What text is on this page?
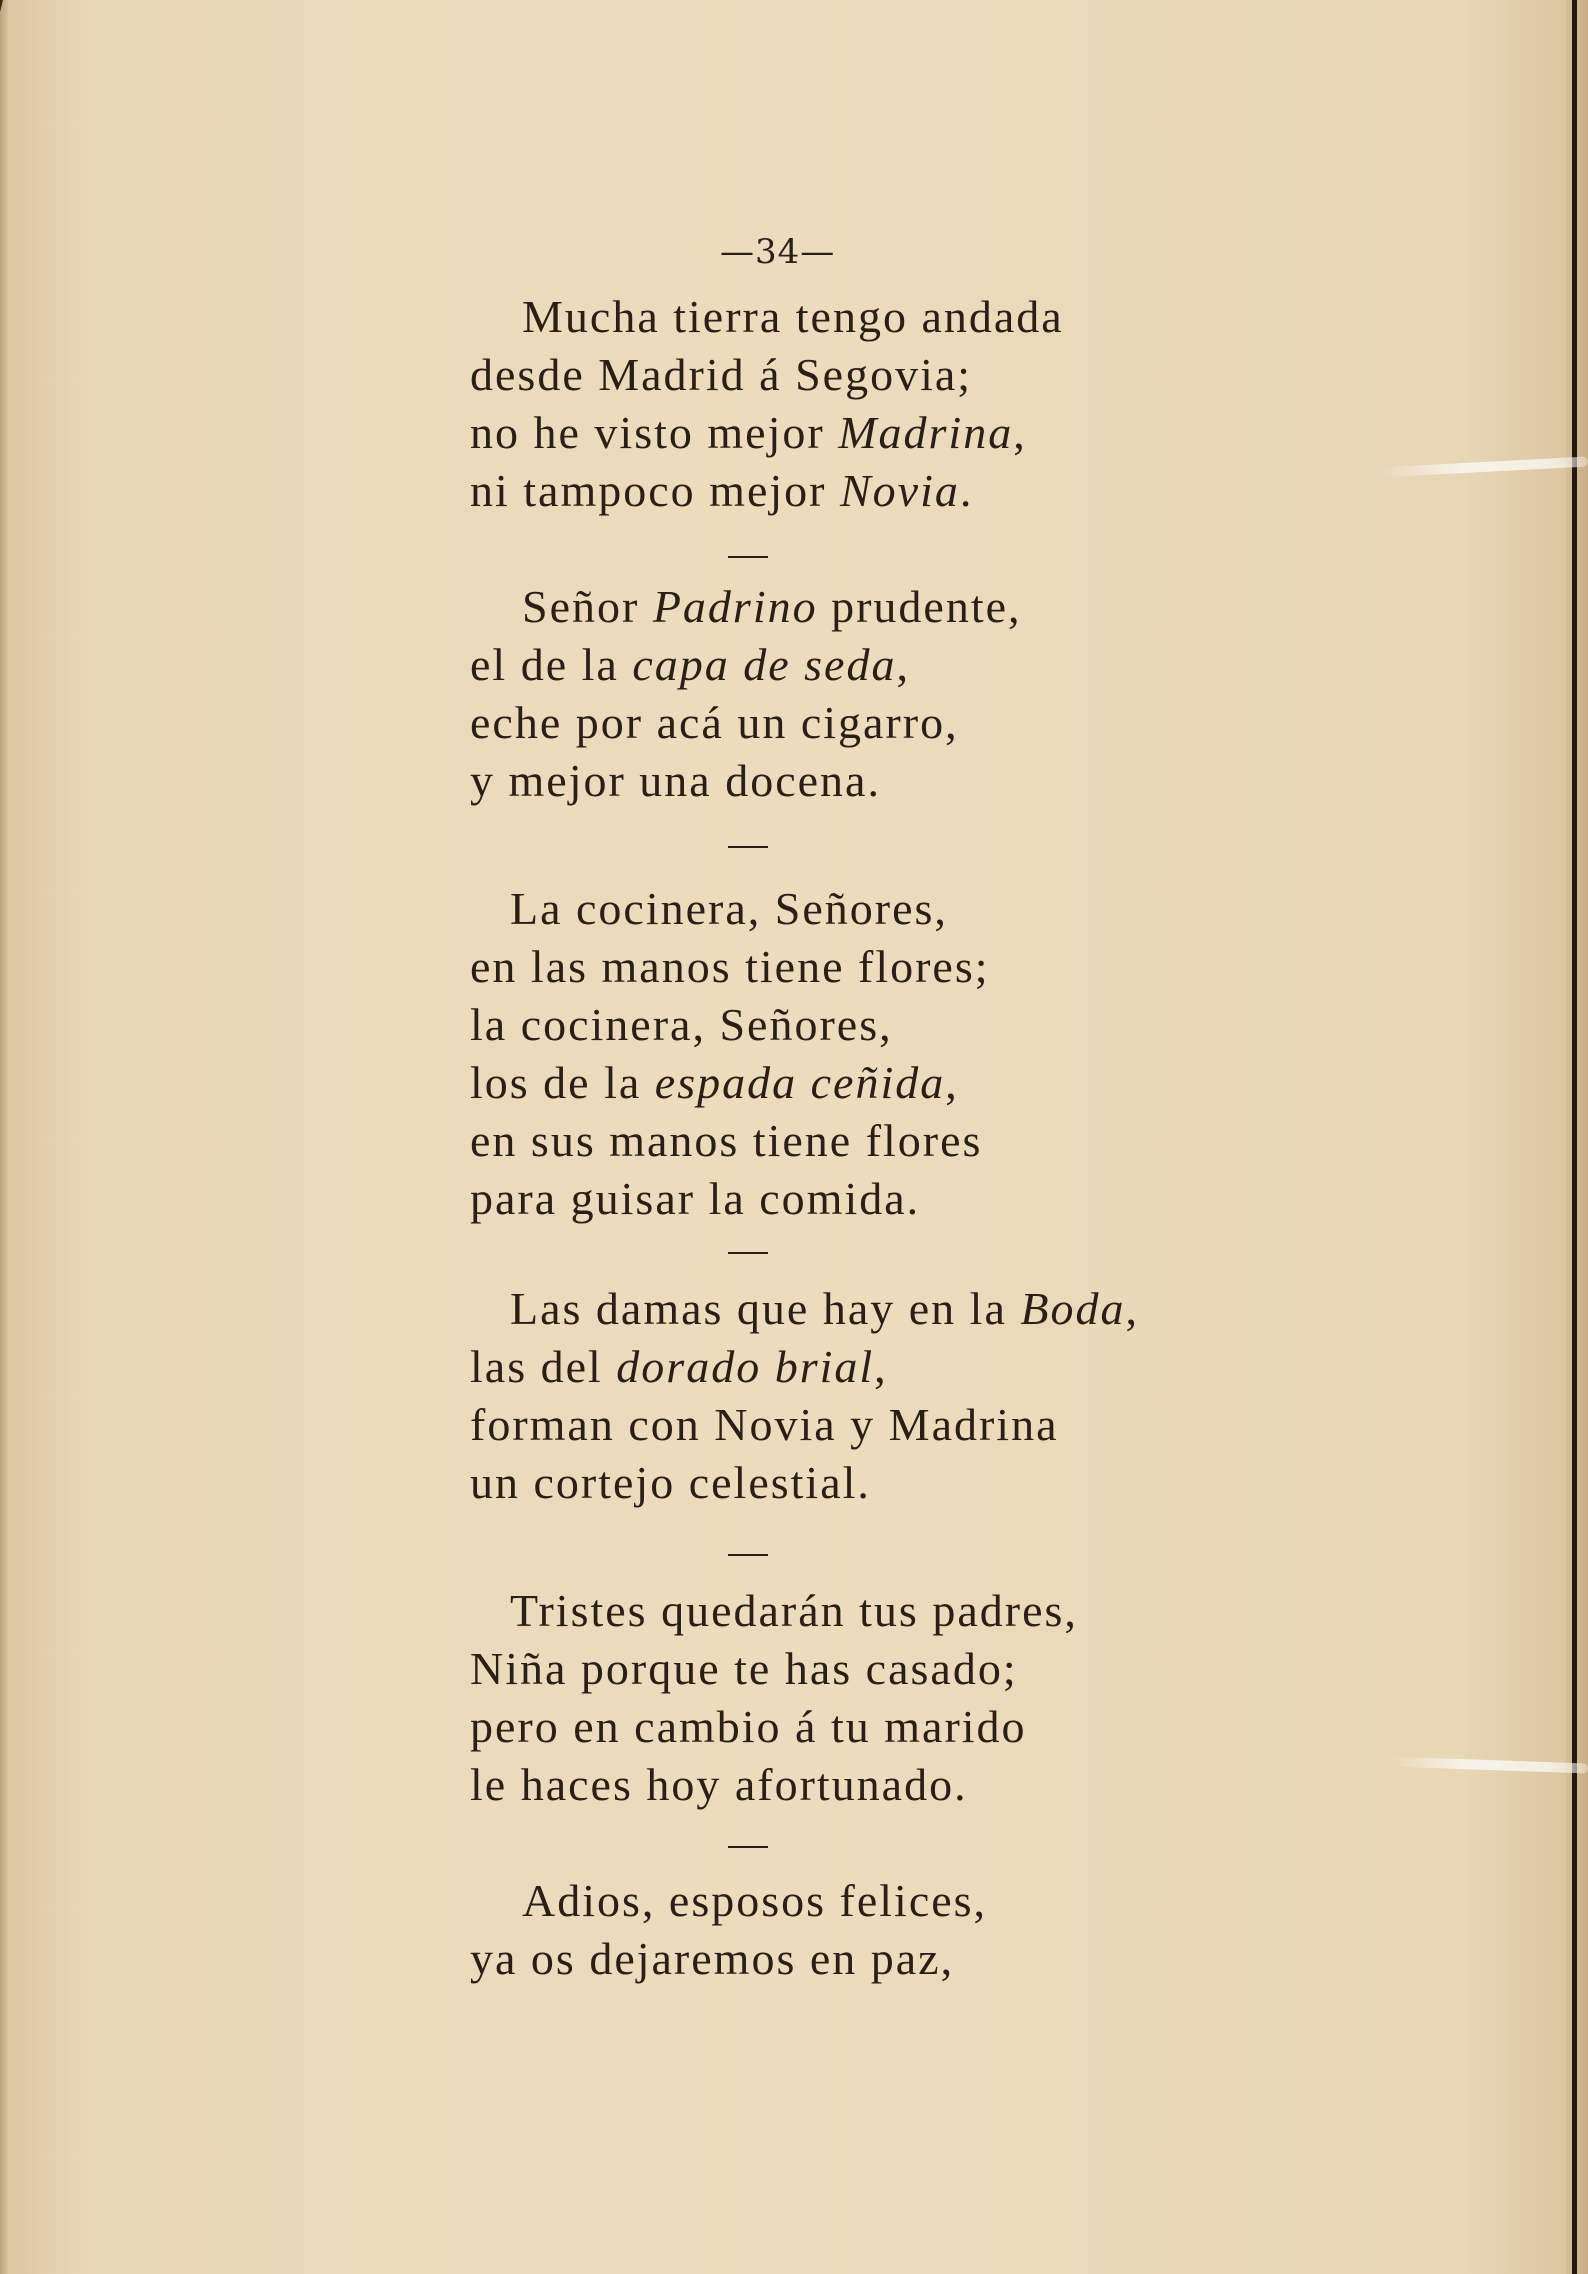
—34—
Mucha tierra tengo andada
desde Madrid á Segovia;
no he visto mejor Madrina,
ni tampoco mejor Novia.
Señor Padrino prudente,
el de la capa de seda,
eche por acá un cigarro,
y mejor una docena.
La cocinera, Señores,
en las manos tiene flores;
la cocinera, Señores,
los de la espada ceñida,
en sus manos tiene flores
para guisar la comida.
Las damas que hay en la Boda,
las del dorado brial,
forman con Novia y Madrina
un cortejo celestial.
Tristes quedarán tus padres,
Niña porque te has casado;
pero en cambio á tu marido
le haces hoy afortunado.
Adios, esposos felices,
ya os dejaremos en paz,
